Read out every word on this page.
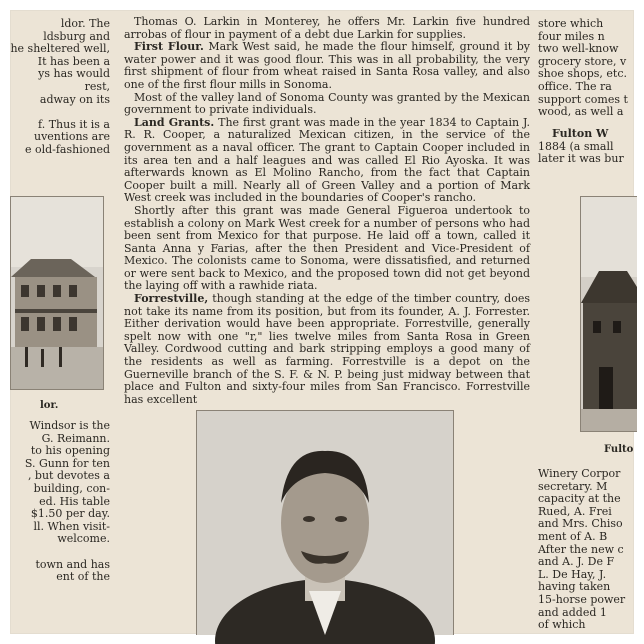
ldor. The

ldsburg and

he sheltered well,

It has been a

ys has would rest,

adway on its

f. Thus it is a

uventions are

e old-fashioned

lor.

Windsor is the

G. Reimann.

to his opening

S. Gunn for ten

, but devotes a

building, con-

ed. His table

$1.50 per day.

ll. When visit-

welcome.

town and has

ent of the

Thomas O. Larkin in Monterey, he offers Mr. Larkin five hundred arrobas of flour in payment of a debt due Larkin for supplies.

First Flour. Mark West said, he made the flour himself, ground it by water power and it was good flour. This was in all probability, the very first shipment of flour from wheat raised in Santa Rosa valley, and also one of the first flour mills in Sonoma.

Most of the valley land of Sonoma County was granted by the Mexican government to private individuals.

Land Grants. The first grant was made in the year 1834 to Captain J. R. R. Cooper, a naturalized Mexican citizen, in the service of the government as a naval officer. The grant to Captain Cooper included in its area ten and a half leagues and was called El Rio Ayoska. It was afterwards known as El Molino Rancho, from the fact that Captain Cooper built a mill. Nearly all of Green Valley and a portion of Mark West creek was included in the boundaries of Cooper's rancho.

Shortly after this grant was made General Figueroa undertook to establish a colony on Mark West creek for a number of persons who had been sent from Mexico for that purpose. He laid off a town, called it Santa Anna y Farias, after the then President and Vice-President of Mexico. The colonists came to Sonoma, were dissatisfied, and returned or were sent back to Mexico, and the proposed town did not get beyond the laying off with a rawhide riata.

Forrestville, though standing at the edge of the timber country, does not take its name from its position, but from its founder, A. J. Forrester. Either derivation would have been appropriate. Forrestville, generally spelt now with one "r," lies twelve miles from Santa Rosa in Green Valley. Cordwood cutting and bark stripping employs a good many of the residents as well as farming. Forrestville is a depot on the Guerneville branch of the S. F. & N. P. being just midway between that place and Fulton and sixty-four miles from San Francisco. Forrestville has excellent

store which

four miles n

two well-know

grocery store, v

shoe shops, etc.

office. The ra

support comes t

wood, as well a

Fulton W

1884 (a small

later it was bur

Fulto

Winery Corpor

secretary. M

capacity at the

Rued, A. Frei

and Mrs. Chiso

ment of A. B

After the new c

and A. J. De F

L. De Hay, J.

having taken

15-horse power

and added 1

of which
